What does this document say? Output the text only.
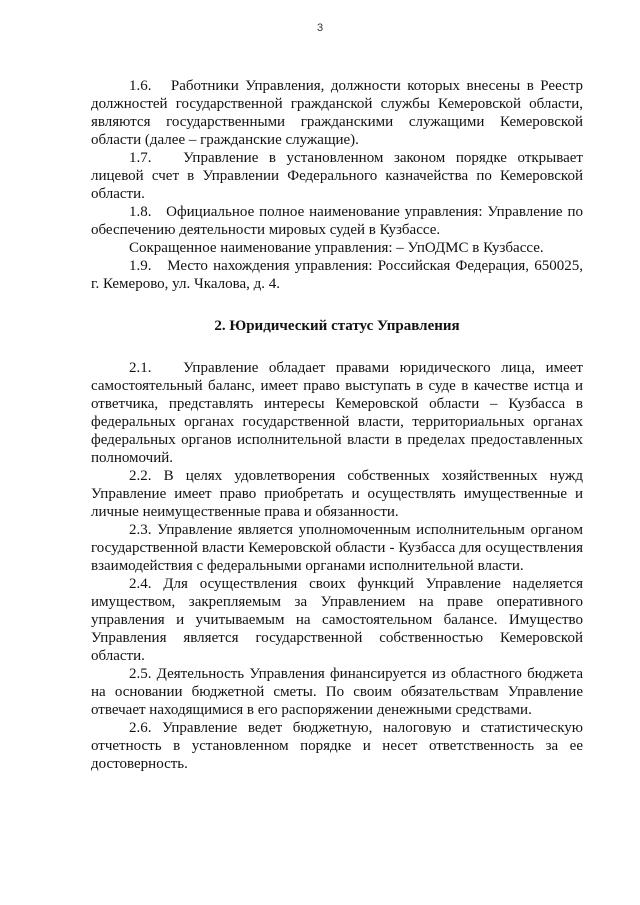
3

1.6.   Работники Управления, должности которых внесены в Реестр должностей государственной гражданской службы Кемеровской области, являются государственными гражданскими служащими Кемеровской области (далее – гражданские служащие).

1.7.   Управление в установленном законом порядке открывает лицевой счет в Управлении Федерального казначейства по Кемеровской области.

1.8.   Официальное полное наименование управления: Управление по обеспечению деятельности мировых судей в Кузбассе.

Сокращенное наименование управления: – УпОДМС в Кузбассе.

1.9.   Место нахождения управления: Российская Федерация, 650025, г. Кемерово, ул. Чкалова, д. 4.

2. Юридический статус Управления

2.1.   Управление обладает правами юридического лица, имеет самостоятельный баланс, имеет право выступать в суде в качестве истца и ответчика, представлять интересы Кемеровской области – Кузбасса в федеральных органах государственной власти, территориальных органах федеральных органов исполнительной власти в пределах предоставленных полномочий.

2.2. В целях удовлетворения собственных хозяйственных нужд Управление имеет право приобретать и осуществлять имущественные и личные неимущественные права и обязанности.

2.3. Управление является уполномоченным исполнительным органом государственной власти Кемеровской области - Кузбасса для осуществления взаимодействия с федеральными органами исполнительной власти.

2.4. Для осуществления своих функций Управление наделяется имуществом, закрепляемым за Управлением на праве оперативного управления и учитываемым на самостоятельном балансе. Имущество Управления является государственной собственностью Кемеровской области.

2.5. Деятельность Управления финансируется из областного бюджета на основании бюджетной сметы. По своим обязательствам Управление отвечает находящимися в его распоряжении денежными средствами.

2.6. Управление ведет бюджетную, налоговую и статистическую отчетность в установленном порядке и несет ответственность за ее достоверность.
